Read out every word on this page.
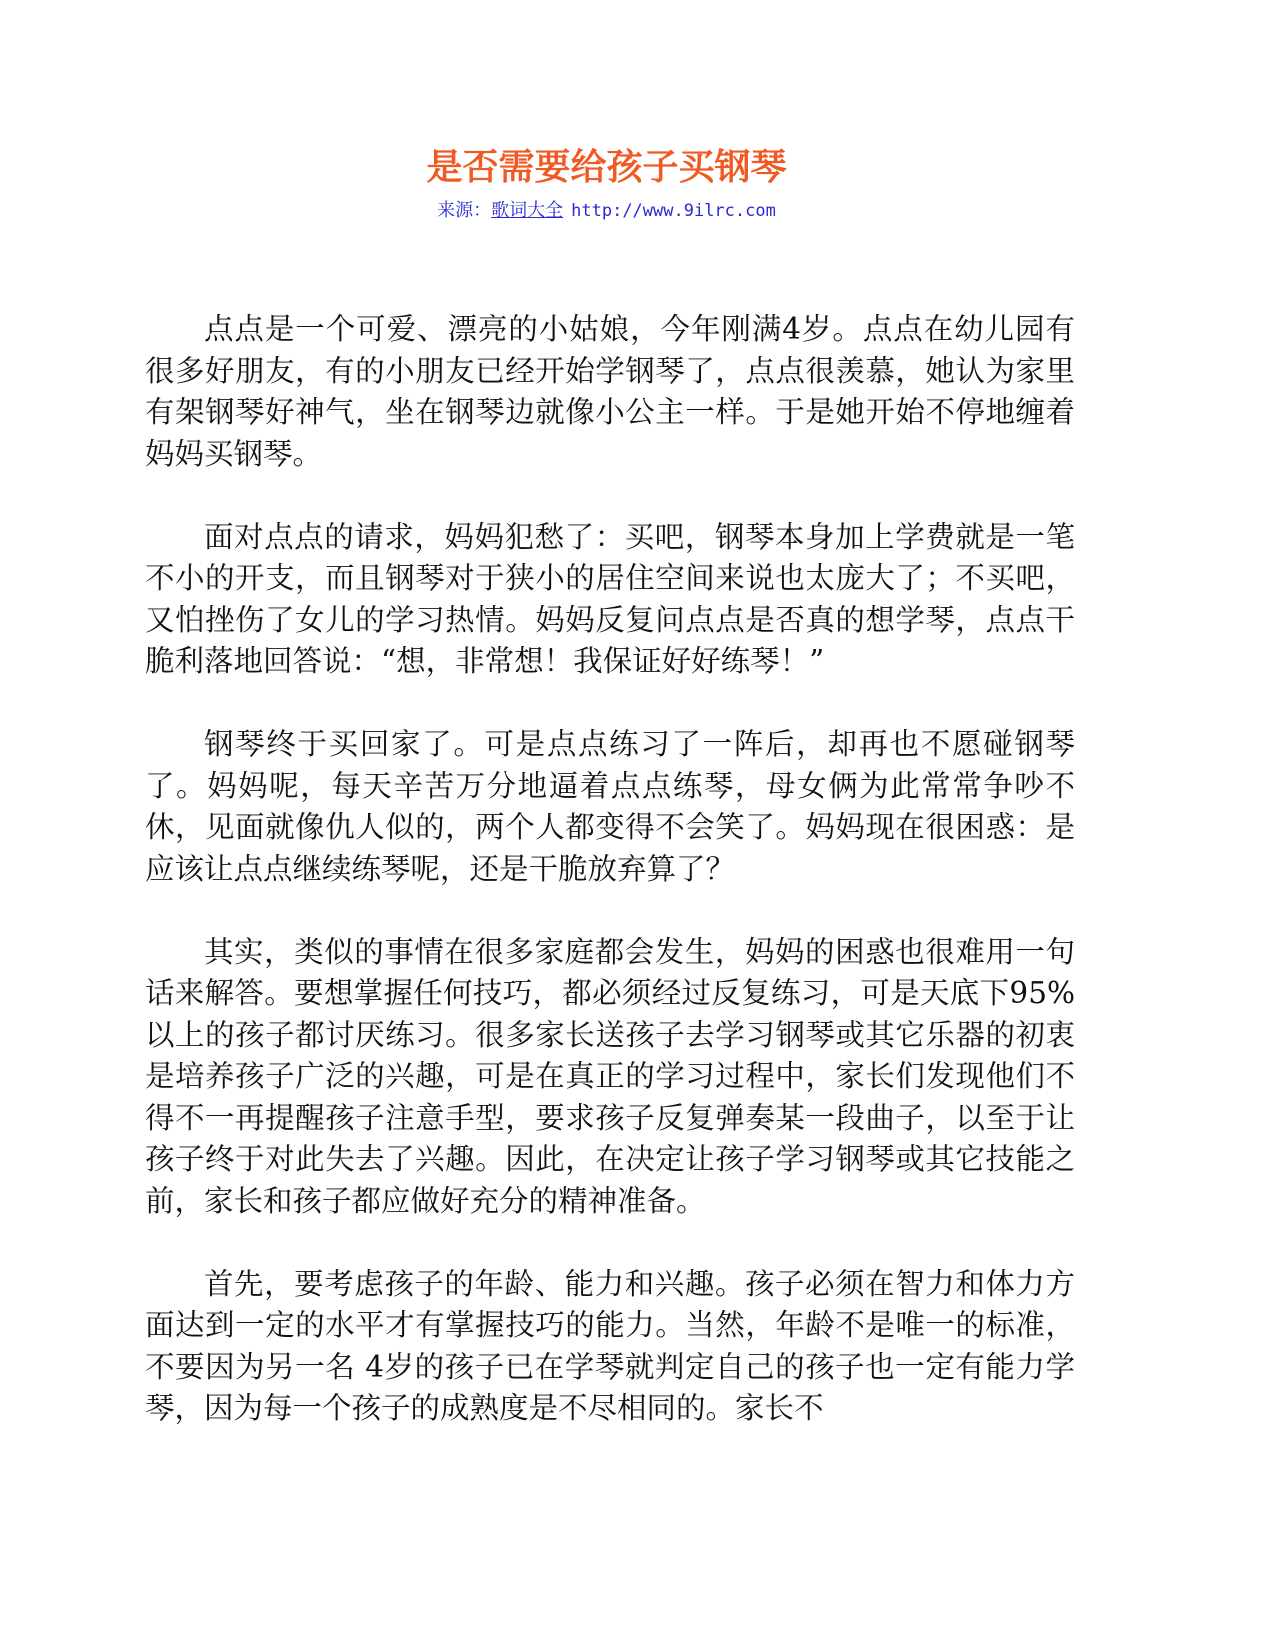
是否需要给孩子买钢琴
来源：歌词大全 http://www.9ilrc.com

点点是一个可爱、漂亮的小姑娘，今年刚满4岁。点点在幼儿园有很多好朋友，有的小朋友已经开始学钢琴了，点点很羡慕，她认为家里有架钢琴好神气，坐在钢琴边就像小公主一样。于是她开始不停地缠着妈妈买钢琴。

面对点点的请求，妈妈犯愁了：买吧，钢琴本身加上学费就是一笔不小的开支，而且钢琴对于狭小的居住空间来说也太庞大了；不买吧，又怕挫伤了女儿的学习热情。妈妈反复问点点是否真的想学琴，点点干脆利落地回答说：“想，非常想！我保证好好练琴！”

钢琴终于买回家了。可是点点练习了一阵后，却再也不愿碰钢琴了。妈妈呢，每天辛苦万分地逼着点点练琴，母女俩为此常常争吵不休，见面就像仇人似的，两个人都变得不会笑了。妈妈现在很困惑：是应该让点点继续练琴呢，还是干脆放弃算了？

其实，类似的事情在很多家庭都会发生，妈妈的困惑也很难用一句话来解答。要想掌握任何技巧，都必须经过反复练习，可是天底下95%以上的孩子都讨厌练习。很多家长送孩子去学习钢琴或其它乐器的初衷是培养孩子广泛的兴趣，可是在真正的学习过程中，家长们发现他们不得不一再提醒孩子注意手型，要求孩子反复弹奏某一段曲子，以至于让孩子终于对此失去了兴趣。因此，在决定让孩子学习钢琴或其它技能之前，家长和孩子都应做好充分的精神准备。

首先，要考虑孩子的年龄、能力和兴趣。孩子必须在智力和体力方面达到一定的水平才有掌握技巧的能力。当然，年龄不是唯一的标准，不要因为另一名 4岁的孩子已在学琴就判定自己的孩子也一定有能力学琴，因为每一个孩子的成熟度是不尽相同的。家长不
